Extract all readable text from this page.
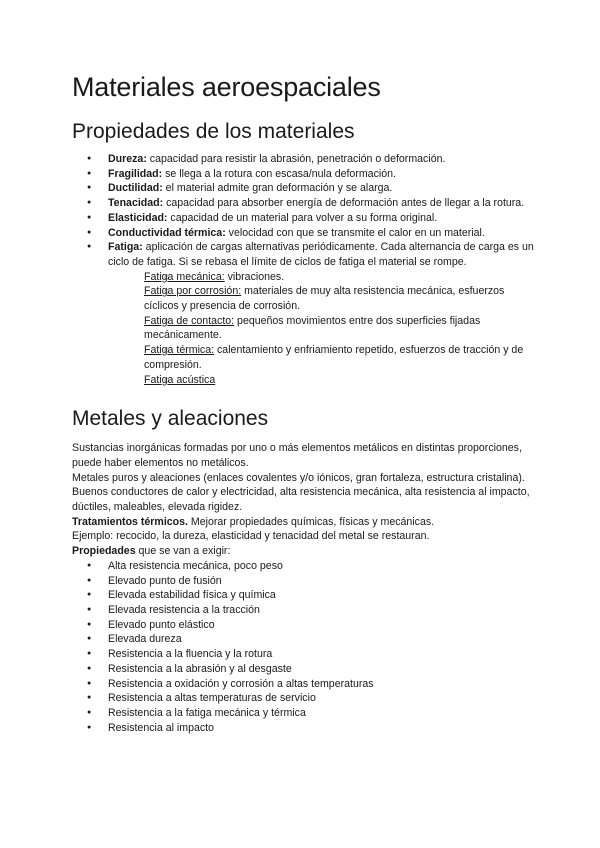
Materiales aeroespaciales
Propiedades de los materiales
● Dureza: capacidad para resistir la abrasión, penetración o deformación.
● Fragilidad: se llega a la rotura con escasa/nula deformación.
● Ductilidad: el material admite gran deformación y se alarga.
● Tenacidad: capacidad para absorber energía de deformación antes de llegar a la rotura.
● Elasticidad: capacidad de un material para volver a su forma original.
● Conductividad térmica: velocidad con que se transmite el calor en un material.
● Fatiga: aplicación de cargas alternativas periódicamente. Cada alternancia de carga es un ciclo de fatiga. Si se rebasa el límite de ciclos de fatiga el material se rompe.
○ Fatiga mecánica: vibraciones.
○ Fatiga por corrosión: materiales de muy alta resistencia mecánica, esfuerzos cíclicos y presencia de corrosión.
○ Fatiga de contacto: pequeños movimientos entre dos superficies fijadas mecánicamente.
○ Fatiga térmica: calentamiento y enfriamiento repetido, esfuerzos de tracción y de compresión.
○ Fatiga acústica
Metales y aleaciones

Sustancias inorgánicas formadas por uno o más elementos metálicos en distintas proporciones, puede haber elementos no metálicos.

Metales puros y aleaciones (enlaces covalentes y/o iónicos, gran fortaleza, estructura cristalina). Buenos conductores de calor y electricidad, alta resistencia mecánica, alta resistencia al impacto, dúctiles, maleables, elevada rigidez.

Tratamientos térmicos. Mejorar propiedades químicas, físicas y mecánicas.

Ejemplo: recocido, la dureza, elasticidad y tenacidad del metal se restauran.

Propiedades que se van a exigir:

● Alta resistencia mecánica, poco peso
● Elevado punto de fusión
● Elevada estabilidad física y química
● Elevada resistencia a la tracción
● Elevado punto elástico
● Elevada dureza
● Resistencia a la fluencia y la rotura
● Resistencia a la abrasión y al desgaste
● Resistencia a oxidación y corrosión a altas temperaturas
● Resistencia a altas temperaturas de servicio
● Resistencia a la fatiga mecánica y térmica
● Resistencia al impacto
